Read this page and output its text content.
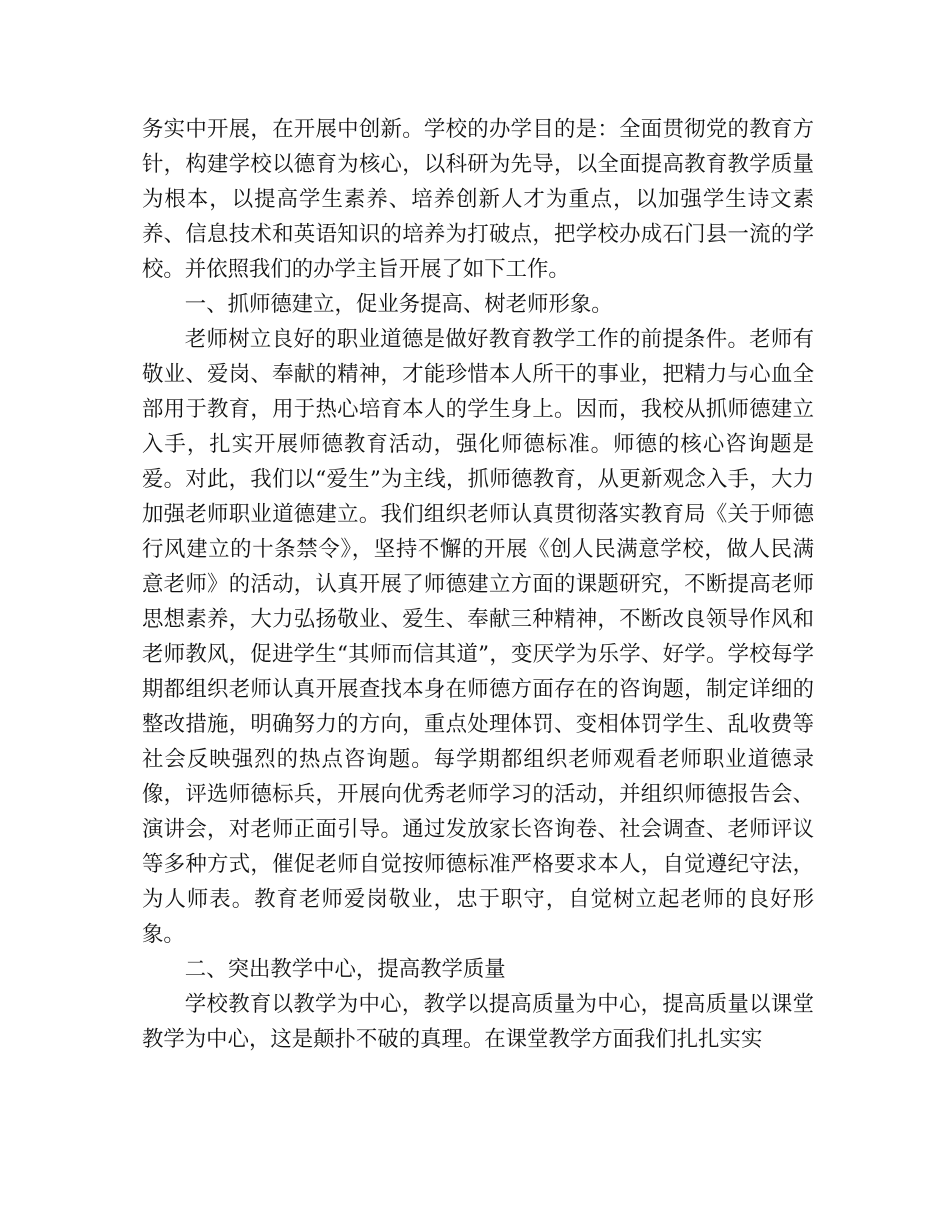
务实中开展，在开展中创新。学校的办学目的是：全面贯彻党的教育方针，构建学校以德育为核心，以科研为先导，以全面提高教育教学质量为根本，以提高学生素养、培养创新人才为重点，以加强学生诗文素养、信息技术和英语知识的培养为打破点，把学校办成石门县一流的学校。并依照我们的办学主旨开展了如下工作。

一、抓师德建立，促业务提高、树老师形象。

老师树立良好的职业道德是做好教育教学工作的前提条件。老师有敬业、爱岗、奉献的精神，才能珍惜本人所干的事业，把精力与心血全部用于教育，用于热心培育本人的学生身上。因而，我校从抓师德建立入手，扎实开展师德教育活动，强化师德标准。师德的核心咨询题是爱。对此，我们以“爱生”为主线，抓师德教育，从更新观念入手，大力加强老师职业道德建立。我们组织老师认真贯彻落实教育局《关于师德行风建立的十条禁令》，坚持不懈的开展《创人民满意学校，做人民满意老师》的活动，认真开展了师德建立方面的课题研究，不断提高老师思想素养，大力弘扬敬业、爱生、奉献三种精神，不断改良领导作风和老师教风，促进学生“其师而信其道”，变厌学为乐学、好学。学校每学期都组织老师认真开展查找本身在师德方面存在的咨询题，制定详细的整改措施，明确努力的方向，重点处理体罚、变相体罚学生、乱收费等社会反映强烈的热点咨询题。每学期都组织老师观看老师职业道德录像，评选师德标兵，开展向优秀老师学习的活动，并组织师德报告会、演讲会，对老师正面引导。通过发放家长咨询卷、社会调查、老师评议等多种方式，催促老师自觉按师德标准严格要求本人，自觉遵纪守法，为人师表。教育老师爱岗敬业，忠于职守，自觉树立起老师的良好形象。

二、突出教学中心，提高教学质量

学校教育以教学为中心，教学以提高质量为中心，提高质量以课堂教学为中心，这是颠扑不破的真理。在课堂教学方面我们扎扎实实
